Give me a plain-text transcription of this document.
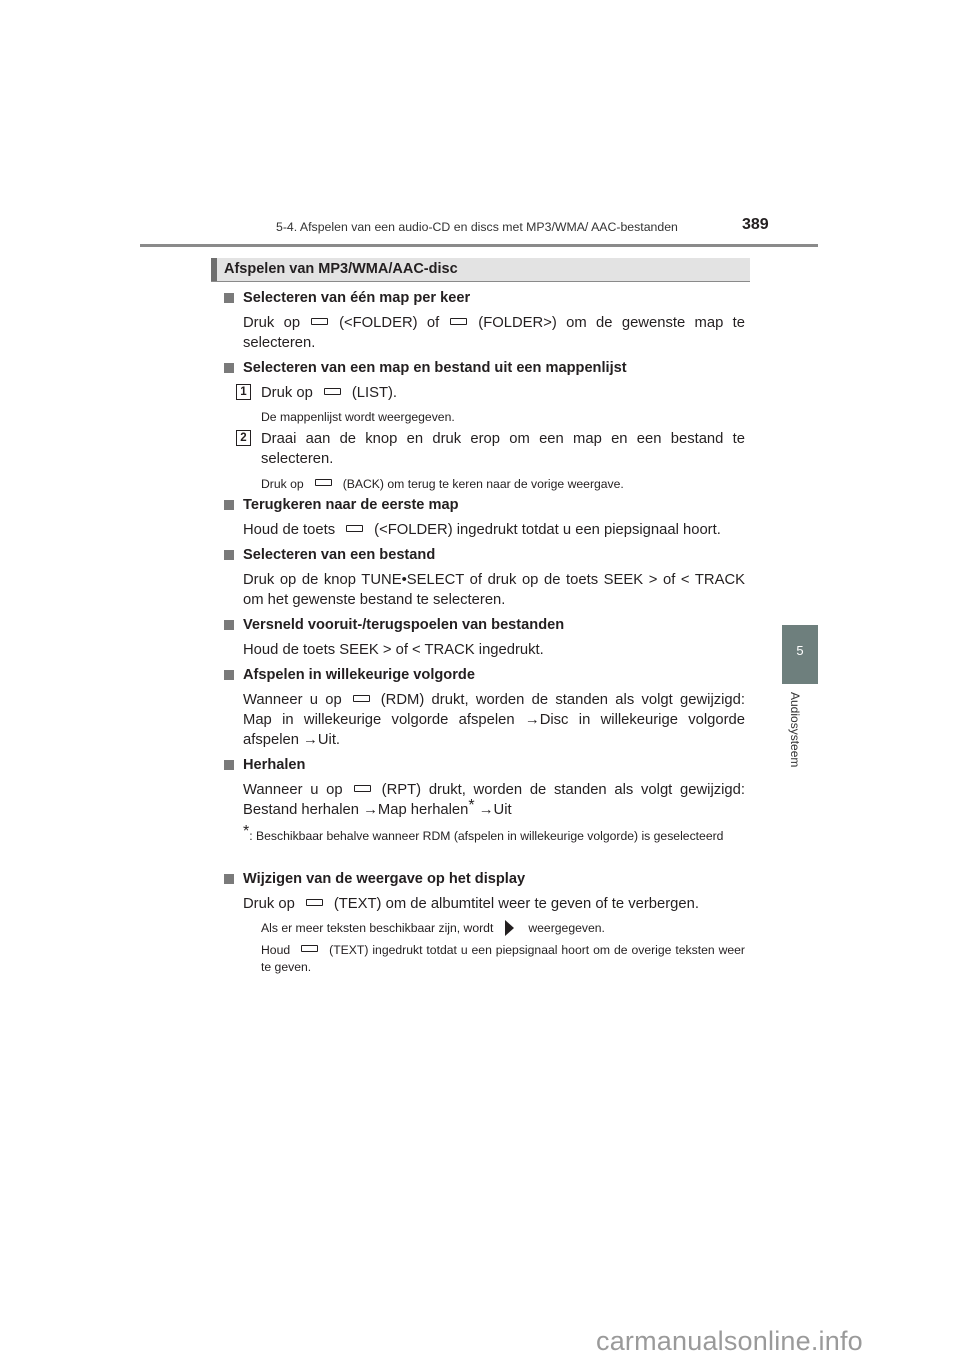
5-4. Afspelen van een audio-CD en discs met MP3/WMA/ AAC-bestanden	389
Afspelen van MP3/WMA/AAC-disc
5
Audiosysteem
Selecteren van één map per keer
Druk op	(<FOLDER) of	(FOLDER>) om de gewenste map te selecteren.
Selecteren van een map en bestand uit een mappenlijst
1 Druk op	(LIST).
De mappenlijst wordt weergegeven.
2 Draai aan de knop en druk erop om een map en een bestand te selecteren.
Druk op	(BACK) om terug te keren naar de vorige weergave.
Terugkeren naar de eerste map
Houd de toets	(<FOLDER) ingedrukt totdat u een piepsignaal hoort.
Selecteren van een bestand
Druk op de knop TUNE•SELECT of druk op de toets SEEK > of < TRACK om het gewenste bestand te selecteren.
Versneld vooruit-/terugspoelen van bestanden
Houd de toets SEEK > of < TRACK ingedrukt.
Afspelen in willekeurige volgorde
Wanneer u op	(RDM) drukt, worden de standen als volgt gewijzigd: Map in willekeurige volgorde afspelen →Disc in willekeurige volgorde afspelen →Uit.
Herhalen
Wanneer u op	(RPT) drukt, worden de standen als volgt gewijzigd: Bestand herhalen →Map herhalen* →Uit
*: Beschikbaar behalve wanneer RDM (afspelen in willekeurige volgorde) is geselecteerd
Wijzigen van de weergave op het display
Druk op	(TEXT) om de albumtitel weer te geven of te verbergen.
Als er meer teksten beschikbaar zijn, wordt	weergegeven.
Houd	(TEXT) ingedrukt totdat u een piepsignaal hoort om de overige teksten weer te geven.
carmanualsonline.info
